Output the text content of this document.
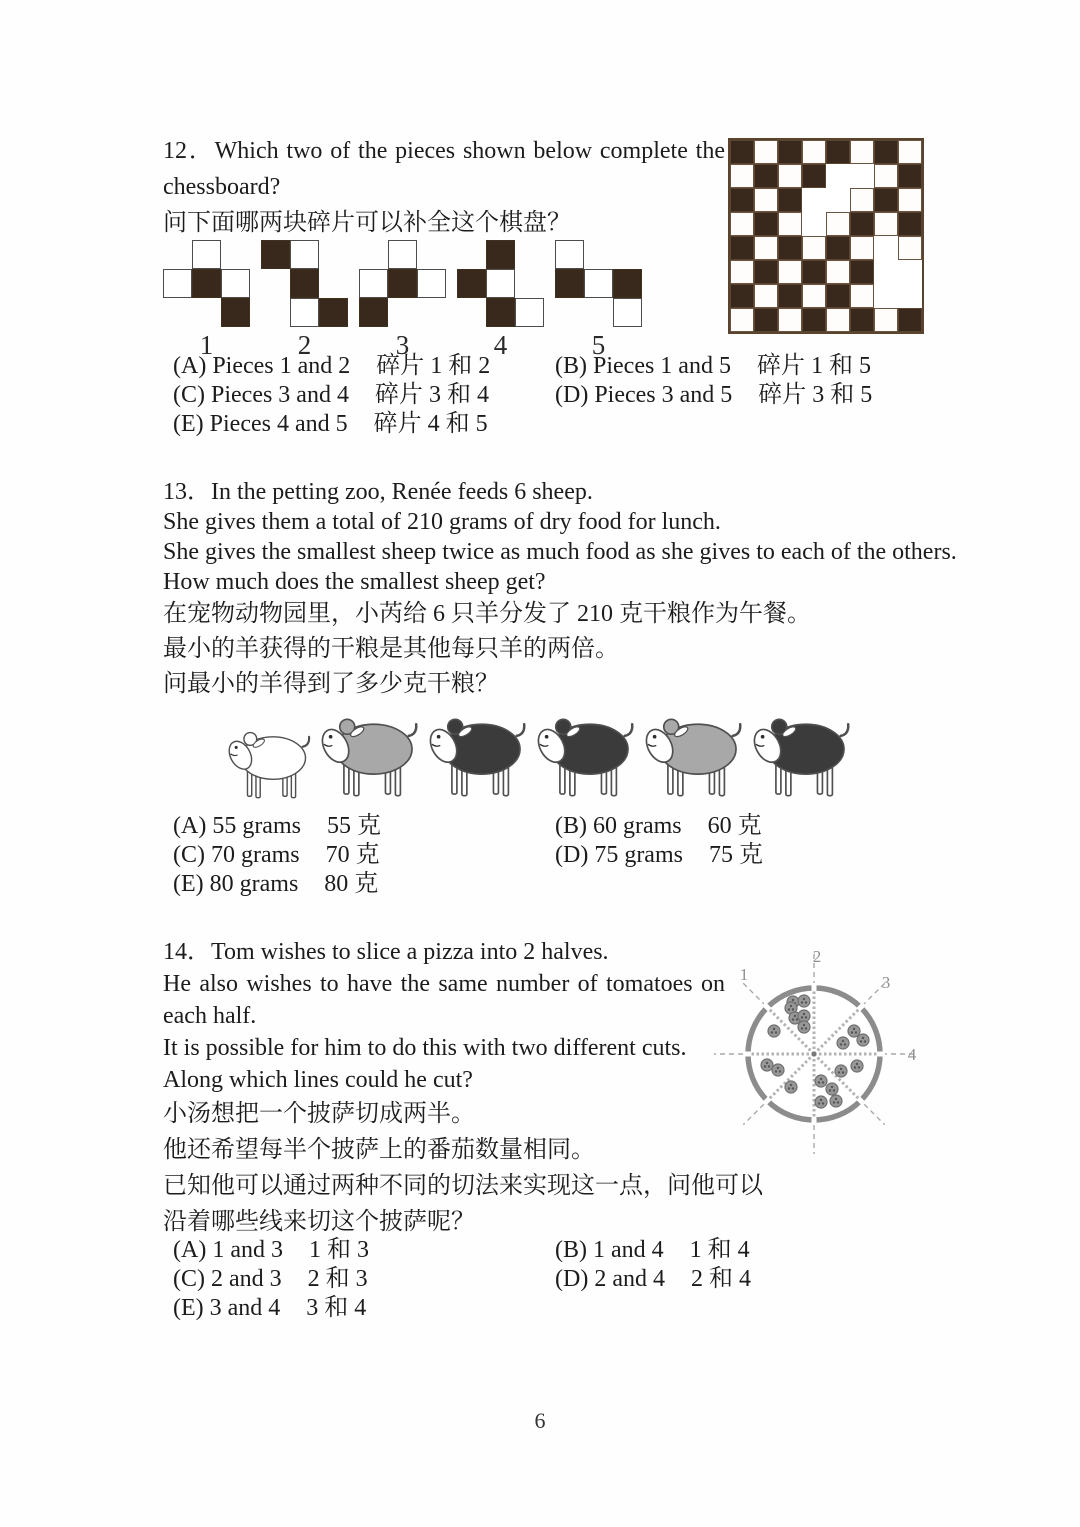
12．Which two of the pieces shown below complete the chessboard?
问下面哪两块碎片可以补全这个棋盘？
1	2	3	4	5
(A) Pieces 1 and 2 碎片 1 和 2	(B) Pieces 1 and 5 碎片 1 和 5
(C) Pieces 3 and 4 碎片 3 和 4	(D) Pieces 3 and 5 碎片 3 和 5
(E) Pieces 4 and 5 碎片 4 和 5
13．In the petting zoo, Renée feeds 6 sheep.
She gives them a total of 210 grams of dry food for lunch.
She gives the smallest sheep twice as much food as she gives to each of the others.
How much does the smallest sheep get?
在宠物动物园里，小芮给 6 只羊分发了 210 克干粮作为午餐。
最小的羊获得的干粮是其他每只羊的两倍。
问最小的羊得到了多少克干粮？
(A) 55 grams 55 克	(B) 60 grams 60 克
(C) 70 grams 70 克	(D) 75 grams 75 克
(E) 80 grams 80 克
14．Tom wishes to slice a pizza into 2 halves.
He also wishes to have the same number of tomatoes on each half.
It is possible for him to do this with two different cuts.
Along which lines could he cut?
小汤想把一个披萨切成两半。
他还希望每半个披萨上的番茄数量相同。
已知他可以通过两种不同的切法来实现这一点，问他可以
沿着哪些线来切这个披萨呢？
1
2
3
4
(A) 1 and 3 1 和 3	(B) 1 and 4 1 和 4
(C) 2 and 3 2 和 3	(D) 2 and 4 2 和 4
(E) 3 and 4 3 和 4
6
